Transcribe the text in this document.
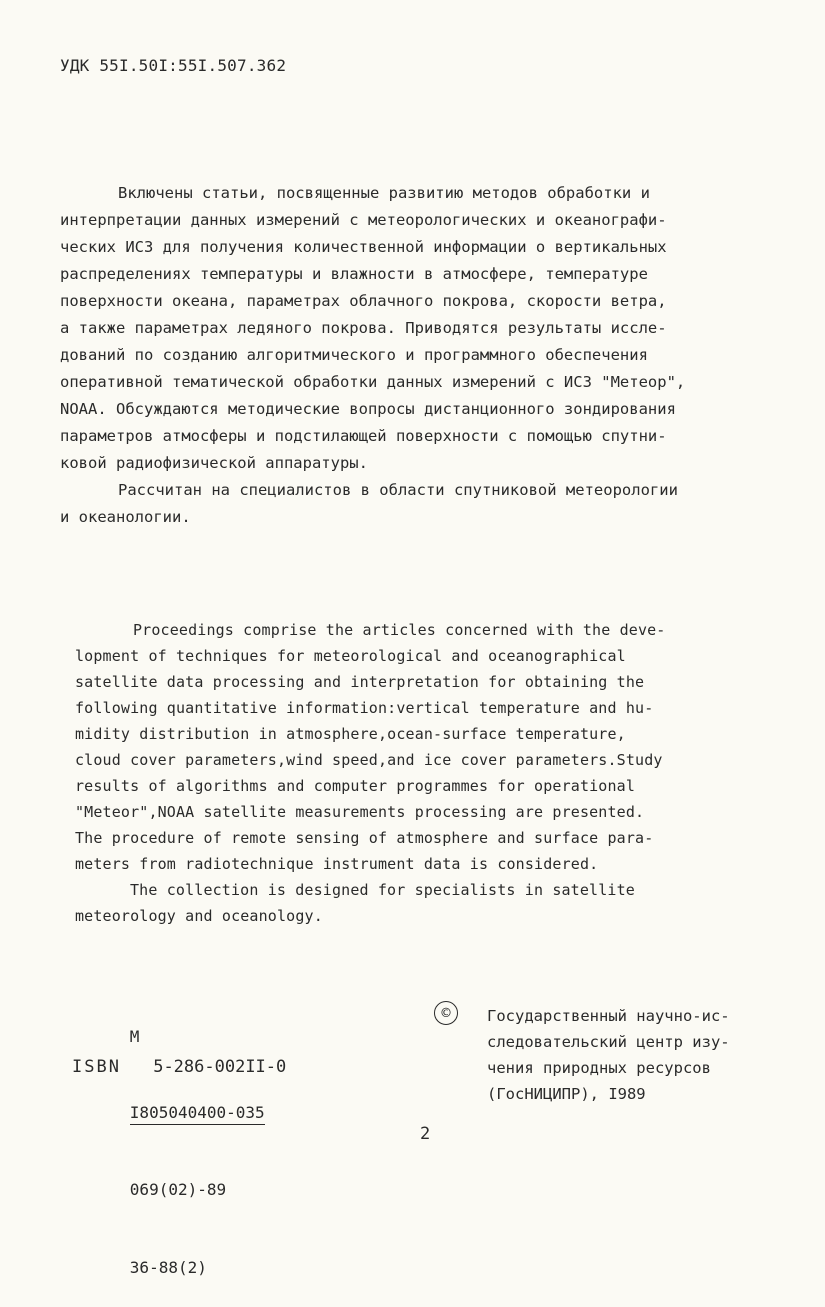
УДК 55I.50I:55I.507.362
Включены статьи, посвященные развитию методов обработки и
интерпретации данных измерений с метеорологических и океанографи-
ческих ИСЗ для получения количественной информации о вертикальных
распределениях температуры и влажности в атмосфере, температуре
поверхности океана, параметрах облачного покрова, скорости ветра,
а также параметрах ледяного покрова. Приводятся результаты иссле-
дований по созданию алгоритмического и программного обеспечения
оперативной тематической обработки данных измерений с ИСЗ "Метеор",
NOAA. Обсуждаются методические вопросы дистанционного зондирования
параметров атмосферы и подстилающей поверхности с помощью спутни-
ковой радиофизической аппаратуры.
Рассчитан на специалистов в области спутниковой метеорологии
и океанологии.
Proceedings comprise the articles concerned with the deve-
lopment of techniques for meteorological and oceanographical
satellite data processing and interpretation for obtaining the
following quantitative information:vertical temperature and hu-
midity distribution in atmosphere,ocean-surface temperature,
cloud cover parameters,wind speed,and ice cover parameters.Study
results of algorithms and computer programmes for operational
"Meteor",NOAA satellite measurements processing are presented.
The procedure of remote sensing of atmosphere and surface para-
meters from radiotechnique instrument data is considered.
The collection is designed for specialists in satellite
meteorology and oceanology.

M

$\frac{I805040400-035}{069(02)-89}$

36-88(2)

ISBN 5-286-002II-0
©	Государственный научно-ис-
следовательский центр изу-
чения природных ресурсов
(ГосНИЦИПР), I989
2
